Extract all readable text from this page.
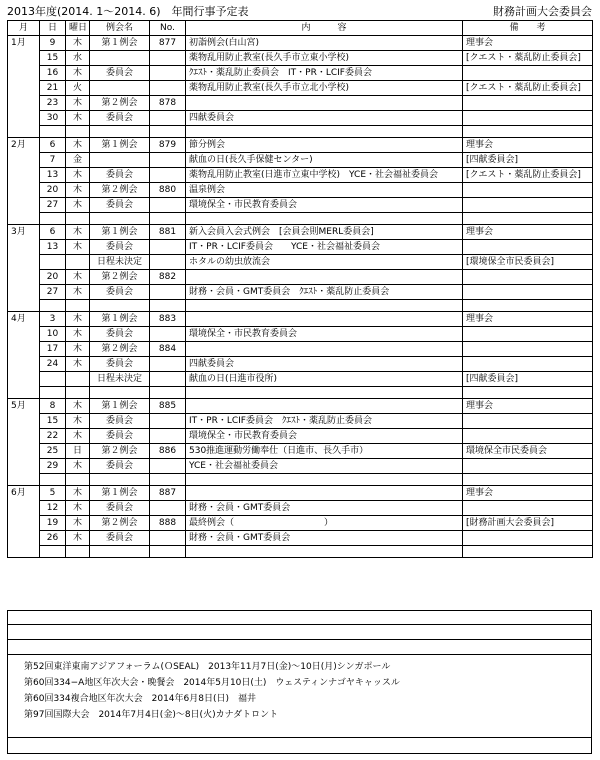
2013年度(2014. 1〜2014. 6)　年間行事予定表	財務計画大会委員会
月	日	曜日	例会名	No.	内　　　容	備　　考
1月	9	木	第１例会	877	初詣例会(白山宮)	理事会
	15	水			薬物乱用防止教室(長久手市立東小学校)	[クエスト・薬乱防止委員会]
	16	木	委員会		ｸｴｽﾄ・薬乱防止委員会　IT・PR・LCIF委員会	
	21	火			薬物乱用防止教室(長久手市立北小学校)	[クエスト・薬乱防止委員会]
	23	木	第２例会	878		
	30	木	委員会		四献委員会	

2月	6	木	第１例会	879	節分例会	理事会
	7	金			献血の日(長久手保健センター)	[四献委員会]
	13	木	委員会		薬物乱用防止教室(日進市立東中学校)　YCE・社会福祉委員会	[クエスト・薬乱防止委員会]
	20	木	第２例会	880	温泉例会	
	27	木	委員会		環境保全・市民教育委員会	

3月	6	木	第１例会	881	新入会員入会式例会　[会員会則MERL委員会]	理事会
	13	木	委員会		IT・PR・LCIF委員会　　YCE・社会福祉委員会	
			日程未決定		ホタルの幼虫放流会	[環境保全市民委員会]
	20	木	第２例会	882		
	27	木	委員会		財務・会員・GMT委員会　ｸｴｽﾄ・薬乱防止委員会	

4月	3	木	第１例会	883		理事会
	10	木	委員会		環境保全・市民教育委員会	
	17	木	第２例会	884		
	24	木	委員会		四献委員会	
			日程未決定		献血の日(日進市役所)	[四献委員会]

5月	8	木	第１例会	885		理事会
	15	木	委員会		IT・PR・LCIF委員会　ｸｴｽﾄ・薬乱防止委員会	
	22	木	委員会		環境保全・市民教育委員会	
	25	日	第２例会	886	530推進運動労働奉仕（日進市、長久手市）	環境保全市民委員会
	29	木	委員会		YCE・社会福祉委員会	

6月	5	木	第１例会	887		理事会
	12	木	委員会		財務・会員・GMT委員会	
	19	木	第２例会	888	最終例会（　　　　　　　　　　）	[財務計画大会委員会]
	26	木	委員会		財務・会員・GMT委員会	

第52回東洋東南アジアフォーラム(ＯSEAL)　2013年11月7日(金)〜10日(月)シンガポール
第60回334−A地区年次大会・晩餐会　2014年5月10日(土)　ウェスティンナゴヤキャッスル
第60回334複合地区年次大会　2014年6月8日(日)　福井
第97回国際大会　2014年7月4日(金)〜8日(火)カナダトロント
